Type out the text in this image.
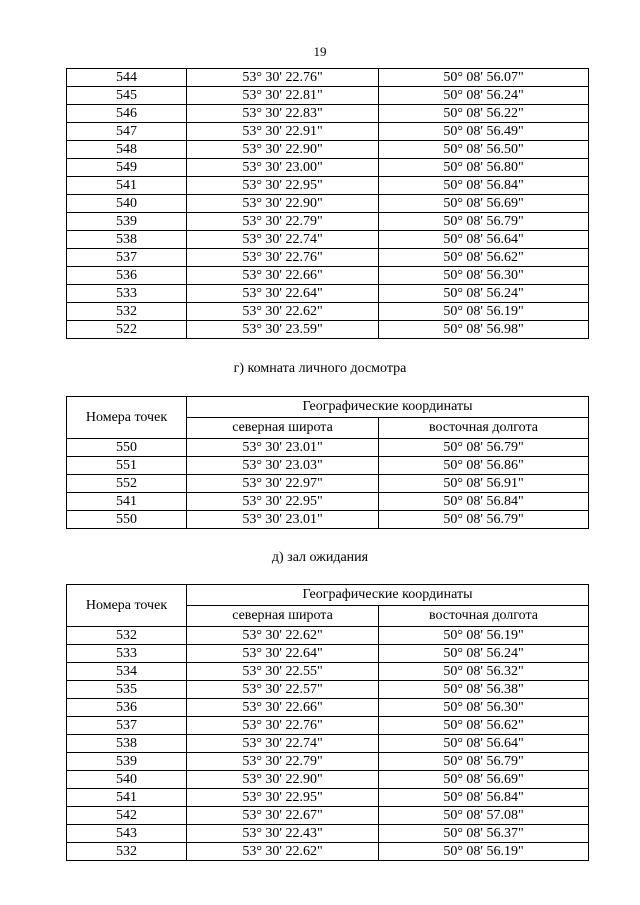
19
544	53° 30' 22.76"	50° 08' 56.07"
545	53° 30' 22.81"	50° 08' 56.24"
546	53° 30' 22.83"	50° 08' 56.22"
547	53° 30' 22.91"	50° 08' 56.49"
548	53° 30' 22.90"	50° 08' 56.50"
549	53° 30' 23.00"	50° 08' 56.80"
541	53° 30' 22.95"	50° 08' 56.84"
540	53° 30' 22.90"	50° 08' 56.69"
539	53° 30' 22.79"	50° 08' 56.79"
538	53° 30' 22.74"	50° 08' 56.64"
537	53° 30' 22.76"	50° 08' 56.62"
536	53° 30' 22.66"	50° 08' 56.30"
533	53° 30' 22.64"	50° 08' 56.24"
532	53° 30' 22.62"	50° 08' 56.19"
522	53° 30' 23.59"	50° 08' 56.98"
г) комната личного досмотра
Номера точек	Географические координаты	
	северная широта	восточная долгота
550	53° 30' 23.01"	50° 08' 56.79"
551	53° 30' 23.03"	50° 08' 56.86"
552	53° 30' 22.97"	50° 08' 56.91"
541	53° 30' 22.95"	50° 08' 56.84"
550	53° 30' 23.01"	50° 08' 56.79"
д) зал ожидания
Номера точек	Географические координаты	
	северная широта	восточная долгота
532	53° 30' 22.62"	50° 08' 56.19"
533	53° 30' 22.64"	50° 08' 56.24"
534	53° 30' 22.55"	50° 08' 56.32"
535	53° 30' 22.57"	50° 08' 56.38"
536	53° 30' 22.66"	50° 08' 56.30"
537	53° 30' 22.76"	50° 08' 56.62"
538	53° 30' 22.74"	50° 08' 56.64"
539	53° 30' 22.79"	50° 08' 56.79"
540	53° 30' 22.90"	50° 08' 56.69"
541	53° 30' 22.95"	50° 08' 56.84"
542	53° 30' 22.67"	50° 08' 57.08"
543	53° 30' 22.43"	50° 08' 56.37"
532	53° 30' 22.62"	50° 08' 56.19"
